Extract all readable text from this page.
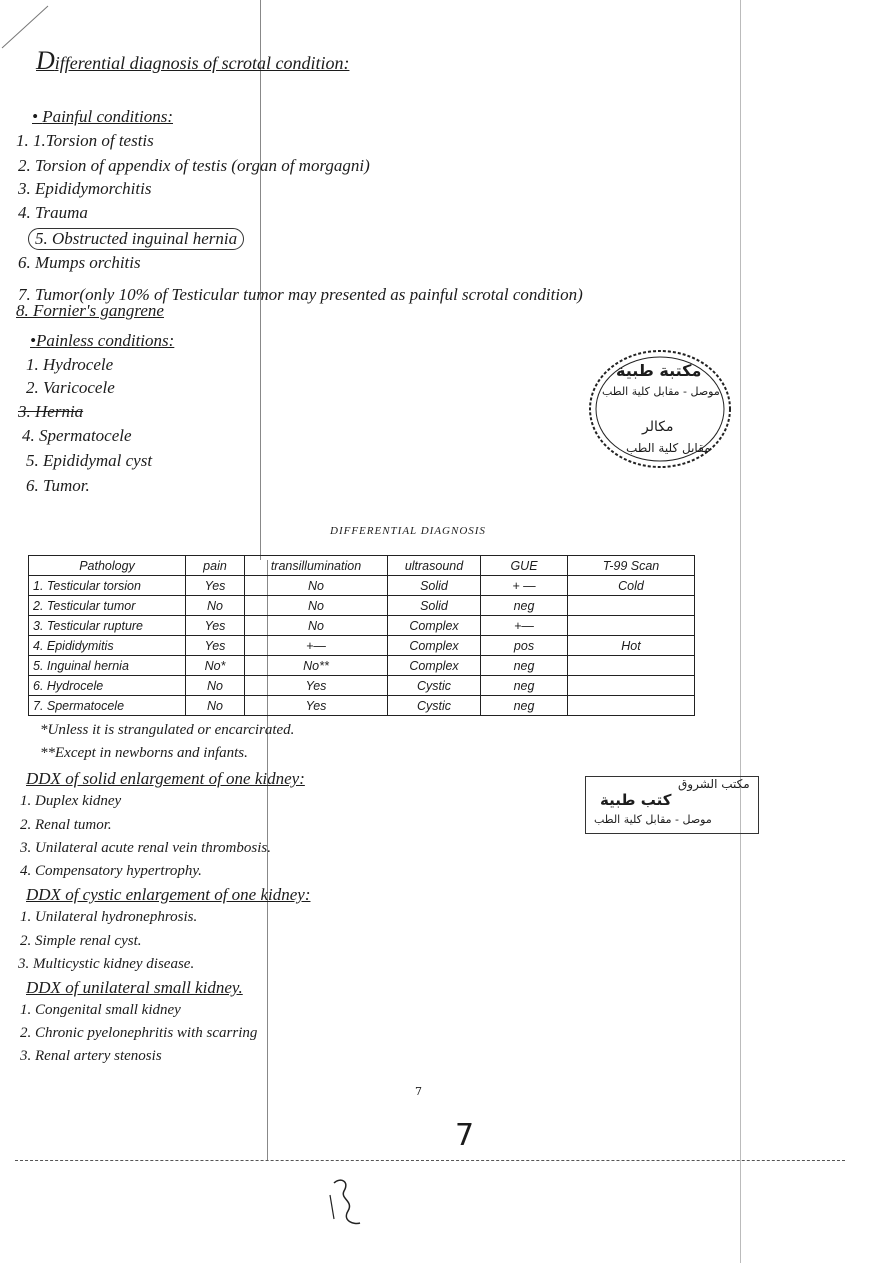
Differential diagnosis of scrotal condition:
• Painful conditions:
1. 1.Torsion of testis
2. Torsion of appendix of testis (organ of morgagni)
3. Epididymorchitis
4. Trauma
5. Obstructed inguinal hernia
6. Mumps orchitis
7. Tumor(only 10% of Testicular tumor may presented as painful scrotal condition)
8. Fornier's gangrene
•Painless conditions:
1. Hydrocele
2. Varicocele
3. Hernia
4. Spermatocele
5. Epididymal cyst
6. Tumor.
مكتبة طبية
موصل - مقابل كلية الطب
مكالر
مقابل كلية الطب
DIFFERENTIAL DIAGNOSIS
Pathology	pain	transillumination	ultrasound	GUE	T-99 Scan
1. Testicular torsion	Yes	No	Solid	+ —	Cold
2. Testicular tumor	No	No	Solid	neg	
3. Testicular rupture	Yes	No	Complex	+—	
4. Epididymitis	Yes	+—	Complex	pos	Hot
5. Inguinal hernia	No*	No**	Complex	neg	
6. Hydrocele	No	Yes	Cystic	neg	
7. Spermatocele	No	Yes	Cystic	neg	
*Unless it is strangulated or encarcirated.
**Except in newborns and infants.
DDX of solid enlargement of one kidney:
1. Duplex kidney
2. Renal tumor.
3. Unilateral acute renal vein thrombosis.
4. Compensatory hypertrophy.
مكتب الشروق
كتب طبية
موصل - مقابل كلية الطب
DDX of cystic enlargement of one kidney:
1. Unilateral hydronephrosis.
2. Simple renal cyst.
3. Multicystic kidney disease.
DDX of unilateral small kidney.
1. Congenital small kidney
2. Chronic pyelonephritis with scarring
3. Renal artery stenosis
7
7
